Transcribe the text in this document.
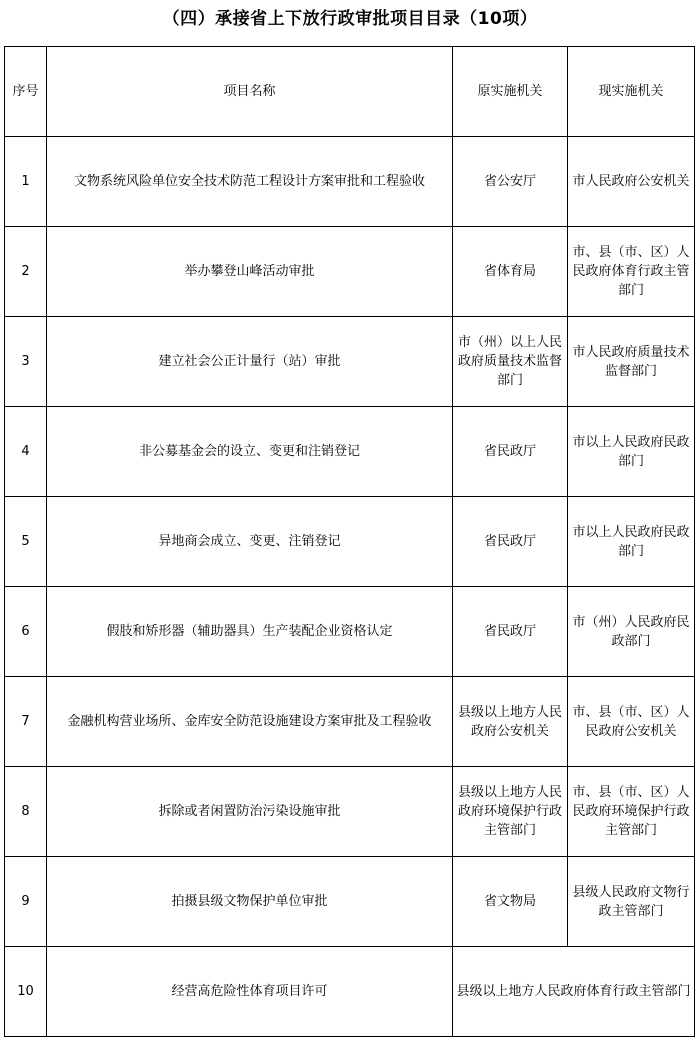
（四）承接省上下放行政审批项目目录（10项）
序号	项目名称	原实施机关	现实施机关
1	文物系统风险单位安全技术防范工程设计方案审批和工程验收	省公安厅	市人民政府公安机关
2	举办攀登山峰活动审批	省体育局	市、县（市、区）人民政府体育行政主管部门
3	建立社会公正计量行（站）审批	市（州）以上人民政府质量技术监督部门	市人民政府质量技术监督部门
4	非公募基金会的设立、变更和注销登记	省民政厅	市以上人民政府民政部门
5	异地商会成立、变更、注销登记	省民政厅	市以上人民政府民政部门
6	假肢和矫形器（辅助器具）生产装配企业资格认定	省民政厅	市（州）人民政府民政部门
7	金融机构营业场所、金库安全防范设施建设方案审批及工程验收	县级以上地方人民政府公安机关	市、县（市、区）人民政府公安机关
8	拆除或者闲置防治污染设施审批	县级以上地方人民政府环境保护行政主管部门	市、县（市、区）人民政府环境保护行政主管部门
9	拍摄县级文物保护单位审批	省文物局	县级人民政府文物行政主管部门
10	经营高危险性体育项目许可	县级以上地方人民政府体育行政主管部门	
